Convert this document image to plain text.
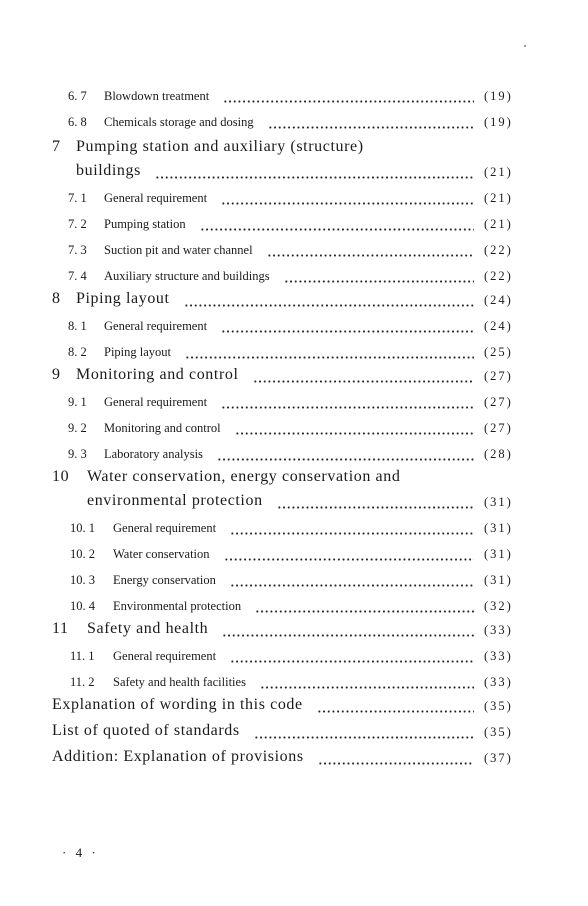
6. 7 Blowdown treatment	(19)
6. 8 Chemicals storage and dosing	(19)
7 Pumping station and auxiliary (structure)
buildings	(21)
7. 1 General requirement	(21)
7. 2 Pumping station	(21)
7. 3 Suction pit and water channel	(22)
7. 4 Auxiliary structure and buildings	(22)
8 Piping layout	(24)
8. 1 General requirement	(24)
8. 2 Piping layout	(25)
9 Monitoring and control	(27)
9. 1 General requirement	(27)
9. 2 Monitoring and control	(27)
9. 3 Laboratory analysis	(28)
10 Water conservation, energy conservation and
environmental protection	(31)
10. 1 General requirement	(31)
10. 2 Water conservation	(31)
10. 3 Energy conservation	(31)
10. 4 Environmental protection	(32)
11 Safety and health	(33)
11. 1 General requirement	(33)
11. 2 Safety and health facilities	(33)
Explanation of wording in this code	(35)
List of quoted of standards	(35)
Addition: Explanation of provisions	(37)
· 4 ·
